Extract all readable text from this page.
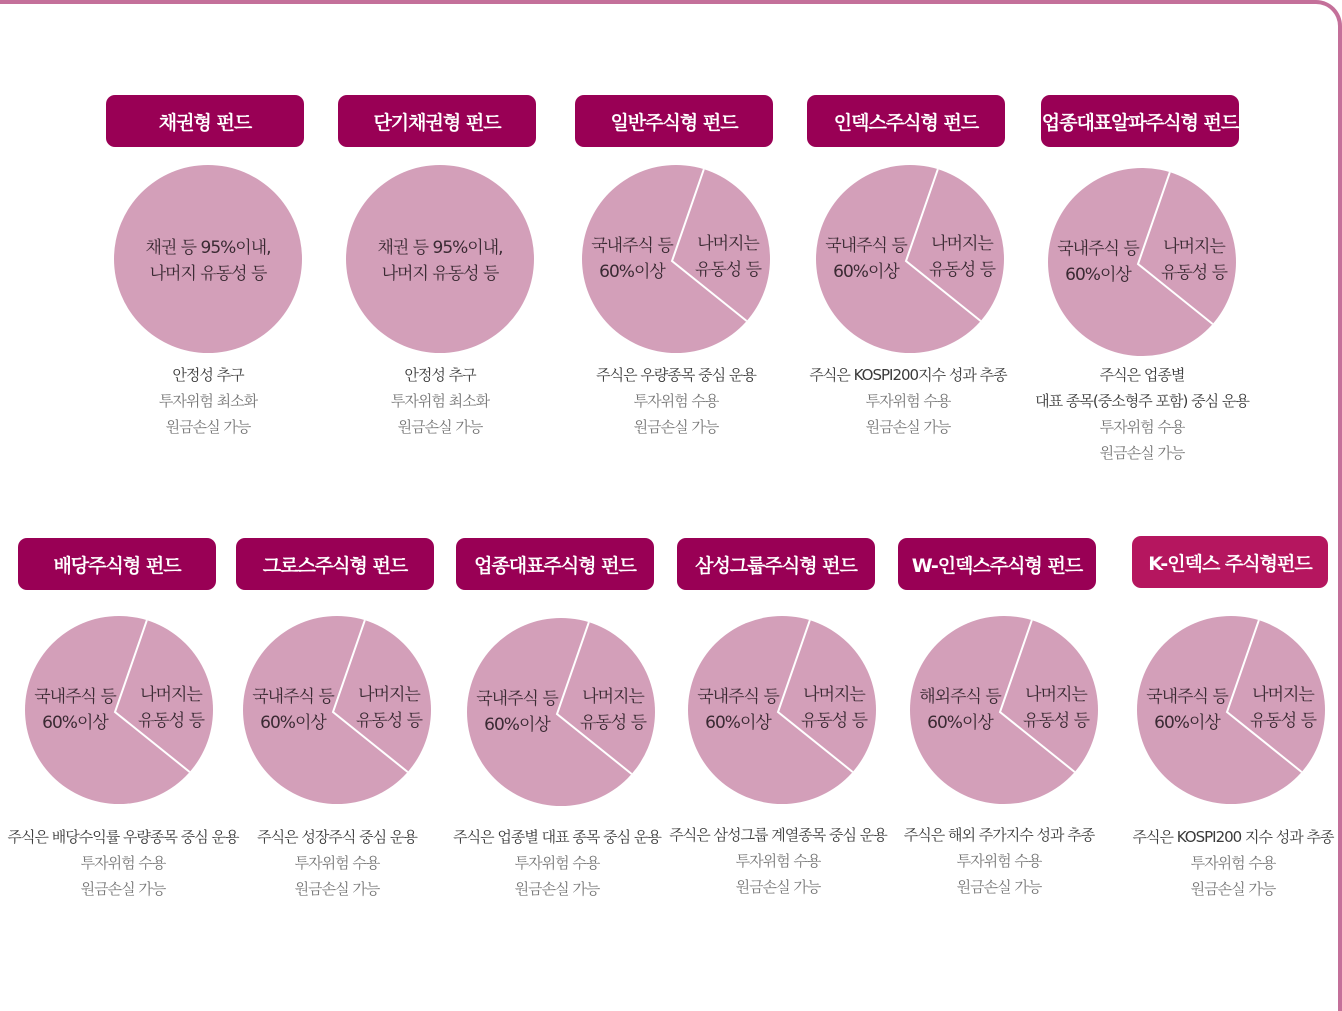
채권형 펀드
채권 등 95%이내,
나머지 유동성 등
안정성 추구
투자위험 최소화
원금손실 가능
단기채권형 펀드
채권 등 95%이내,
나머지 유동성 등
안정성 추구
투자위험 최소화
원금손실 가능
일반주식형 펀드
국내주식 등
60%이상
나머지는
유동성 등
주식은 우량종목 중심 운용
투자위험 수용
원금손실 가능
인덱스주식형 펀드
국내주식 등
60%이상
나머지는
유동성 등
주식은 KOSPI200지수 성과 추종
투자위험 수용
원금손실 가능
업종대표알파주식형 펀드
국내주식 등
60%이상
나머지는
유동성 등
주식은 업종별
대표 종목(중소형주 포함) 중심 운용
투자위험 수용
원금손실 가능
배당주식형 펀드
국내주식 등
60%이상
나머지는
유동성 등
주식은 배당수익률 우량종목 중심 운용
투자위험 수용
원금손실 가능
그로스주식형 펀드
국내주식 등
60%이상
나머지는
유동성 등
주식은 성장주식 중심 운용
투자위험 수용
원금손실 가능
업종대표주식형 펀드
국내주식 등
60%이상
나머지는
유동성 등
주식은 업종별 대표 종목 중심 운용
투자위험 수용
원금손실 가능
삼성그룹주식형 펀드
국내주식 등
60%이상
나머지는
유동성 등
주식은 삼성그룹 계열종목 중심 운용
투자위험 수용
원금손실 가능
W-인덱스주식형 펀드
해외주식 등
60%이상
나머지는
유동성 등
주식은 해외 주가지수 성과 추종
투자위험 수용
원금손실 가능
K-인덱스 주식형펀드
국내주식 등
60%이상
나머지는
유동성 등
주식은 KOSPI200 지수 성과 추종
투자위험 수용
원금손실 가능
